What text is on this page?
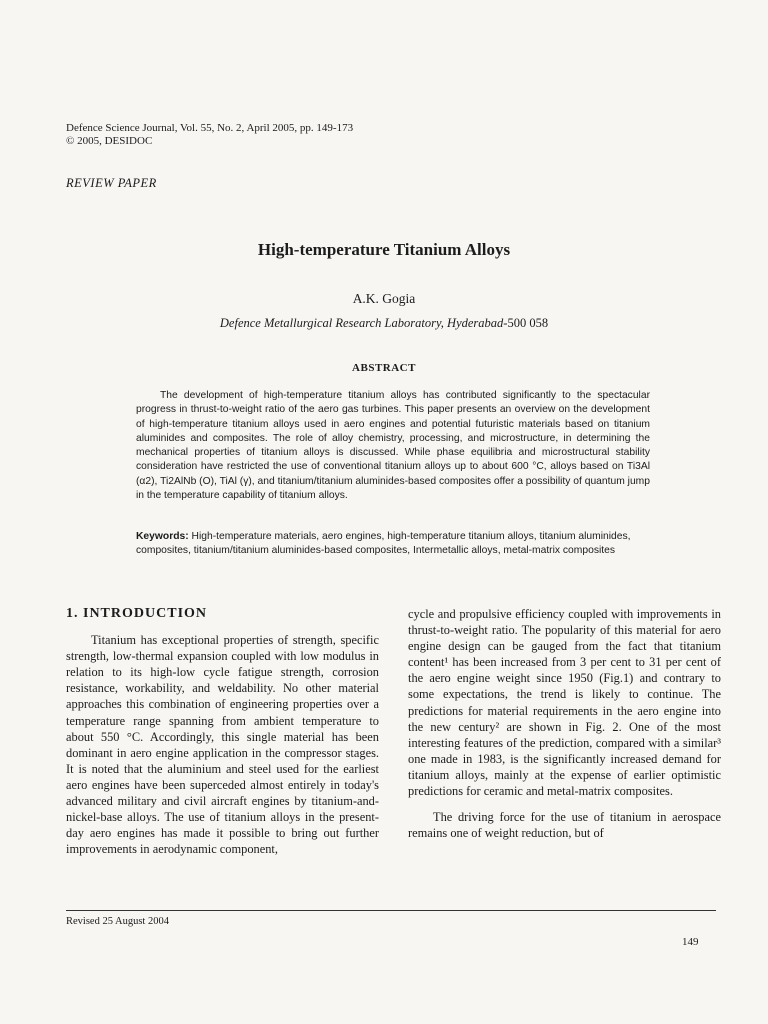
Defence Science Journal, Vol. 55, No. 2, April 2005, pp. 149-173
© 2005, DESIDOC
REVIEW PAPER
High-temperature Titanium Alloys
A.K. Gogia
Defence Metallurgical Research Laboratory, Hyderabad-500 058
ABSTRACT
The development of high-temperature titanium alloys has contributed significantly to the spectacular progress in thrust-to-weight ratio of the aero gas turbines. This paper presents an overview on the development of high-temperature titanium alloys used in aero engines and potential futuristic materials based on titanium aluminides and composites. The role of alloy chemistry, processing, and microstructure, in determining the mechanical properties of titanium alloys is discussed. While phase equilibria and microstructural stability consideration have restricted the use of conventional titanium alloys up to about 600 °C, alloys based on Ti3Al (α2), Ti2AlNb (O), TiAl (γ), and titanium/titanium aluminides-based composites offer a possibility of quantum jump in the temperature capability of titanium alloys.
Keywords: High-temperature materials, aero engines, high-temperature titanium alloys, titanium aluminides, composites, titanium/titanium aluminides-based composites, Intermetallic alloys, metal-matrix composites
1. INTRODUCTION

Titanium has exceptional properties of strength, specific strength, low-thermal expansion coupled with low modulus in relation to its high-low cycle fatigue strength, corrosion resistance, workability, and weldability. No other material approaches this combination of engineering properties over a temperature range spanning from ambient temperature to about 550 °C. Accordingly, this single material has been dominant in aero engine application in the compressor stages. It is noted that the aluminium and steel used for the earliest aero engines have been superceded almost entirely in today's advanced military and civil aircraft engines by titanium-and-nickel-base alloys. The use of titanium alloys in the present-day aero engines has made it possible to bring out further improvements in aerodynamic component,

cycle and propulsive efficiency coupled with improvements in thrust-to-weight ratio. The popularity of this material for aero engine design can be gauged from the fact that titanium content¹ has been increased from 3 per cent to 31 per cent of the aero engine weight since 1950 (Fig.1) and contrary to some expectations, the trend is likely to continue. The predictions for material requirements in the aero engine into the new century² are shown in Fig. 2. One of the most interesting features of the prediction, compared with a similar³ one made in 1983, is the significantly increased demand for titanium alloys, mainly at the expense of earlier optimistic predictions for ceramic and metal-matrix composites.

The driving force for the use of titanium in aerospace remains one of weight reduction, but of

Revised 25 August 2004
149
